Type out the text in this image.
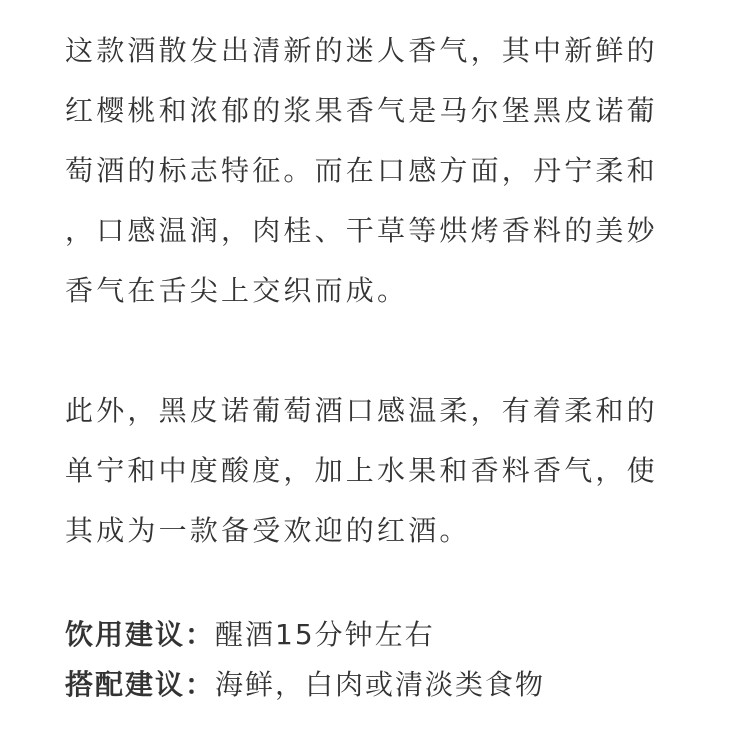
这款酒散发出清新的迷人香气，其中新鲜的
红樱桃和浓郁的浆果香气是马尔堡黑皮诺葡
萄酒的标志特征。而在口感方面，丹宁柔和
，口感温润，肉桂、干草等烘烤香料的美妙
香气在舌尖上交织而成。

此外，黑皮诺葡萄酒口感温柔，有着柔和的
单宁和中度酸度，加上水果和香料香气，使
其成为一款备受欢迎的红酒。

饮用建议：醒酒15分钟左右
搭配建议：海鲜，白肉或清淡类食物
